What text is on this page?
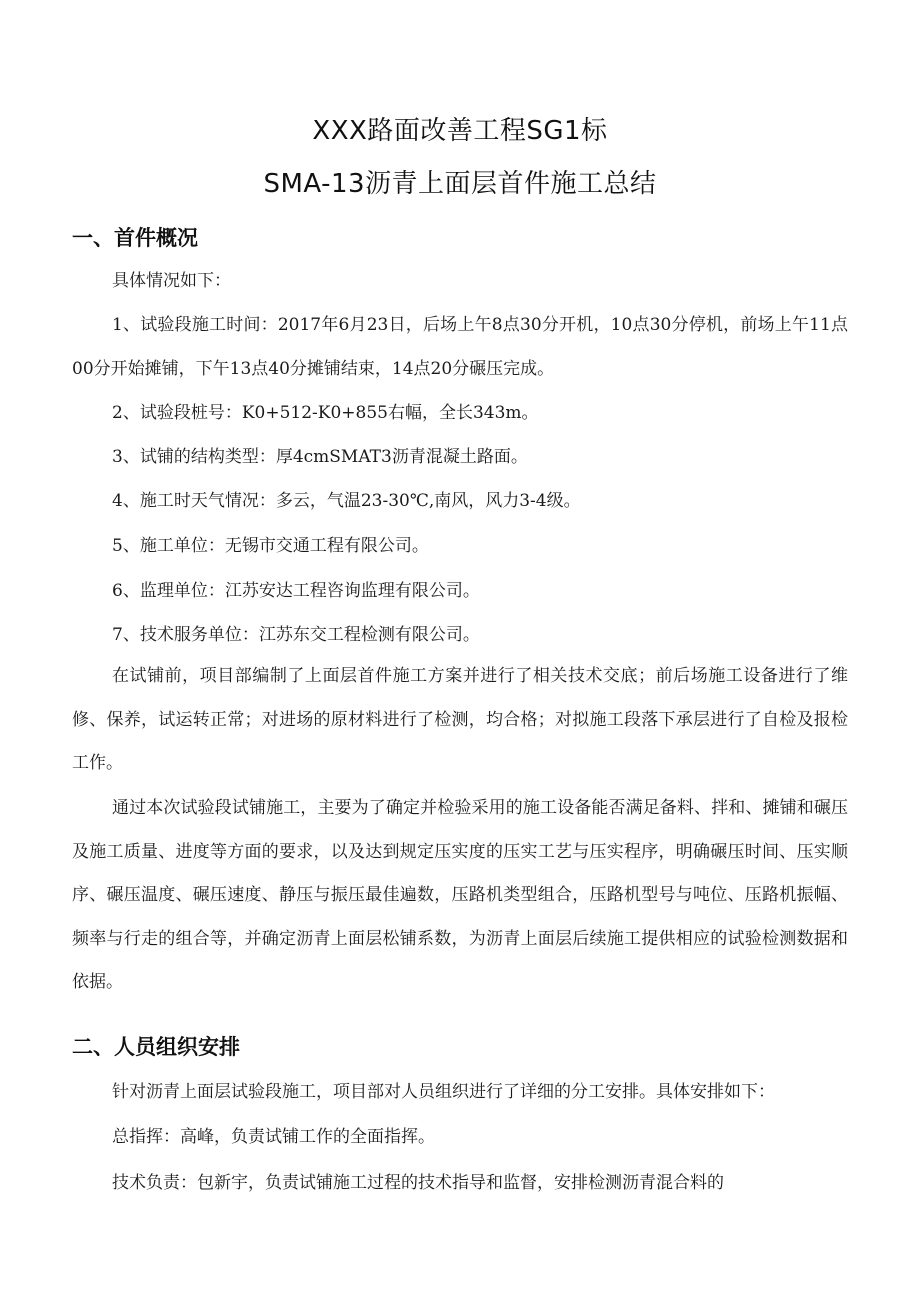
XXX路面改善工程SG1标
SMA-13沥青上面层首件施工总结
一、首件概况
具体情况如下：
1、试验段施工时间：2017年6月23日，后场上午8点30分开机，10点30分停机，前场上午11点00分开始摊铺，下午13点40分摊铺结束，14点20分碾压完成。
2、试验段桩号：K0+512-K0+855右幅，全长343m。
3、试铺的结构类型：厚4cmSMAT3沥青混凝土路面。
4、施工时天气情况：多云，气温23-30℃,南风，风力3-4级。
5、施工单位：无锡市交通工程有限公司。
6、监理单位：江苏安达工程咨询监理有限公司。
7、技术服务单位：江苏东交工程检测有限公司。
在试铺前，项目部编制了上面层首件施工方案并进行了相关技术交底；前后场施工设备进行了维修、保养，试运转正常；对进场的原材料进行了检测，均合格；对拟施工段落下承层进行了自检及报检工作。
通过本次试验段试铺施工，主要为了确定并检验采用的施工设备能否满足备料、拌和、摊铺和碾压及施工质量、进度等方面的要求，以及达到规定压实度的压实工艺与压实程序，明确碾压时间、压实顺序、碾压温度、碾压速度、静压与振压最佳遍数，压路机类型组合，压路机型号与吨位、压路机振幅、频率与行走的组合等，并确定沥青上面层松铺系数，为沥青上面层后续施工提供相应的试验检测数据和依据。
二、人员组织安排
针对沥青上面层试验段施工，项目部对人员组织进行了详细的分工安排。具体安排如下：
总指挥：高峰，负责试铺工作的全面指挥。
技术负责：包新宇，负责试铺施工过程的技术指导和监督，安排检测沥青混合料的
